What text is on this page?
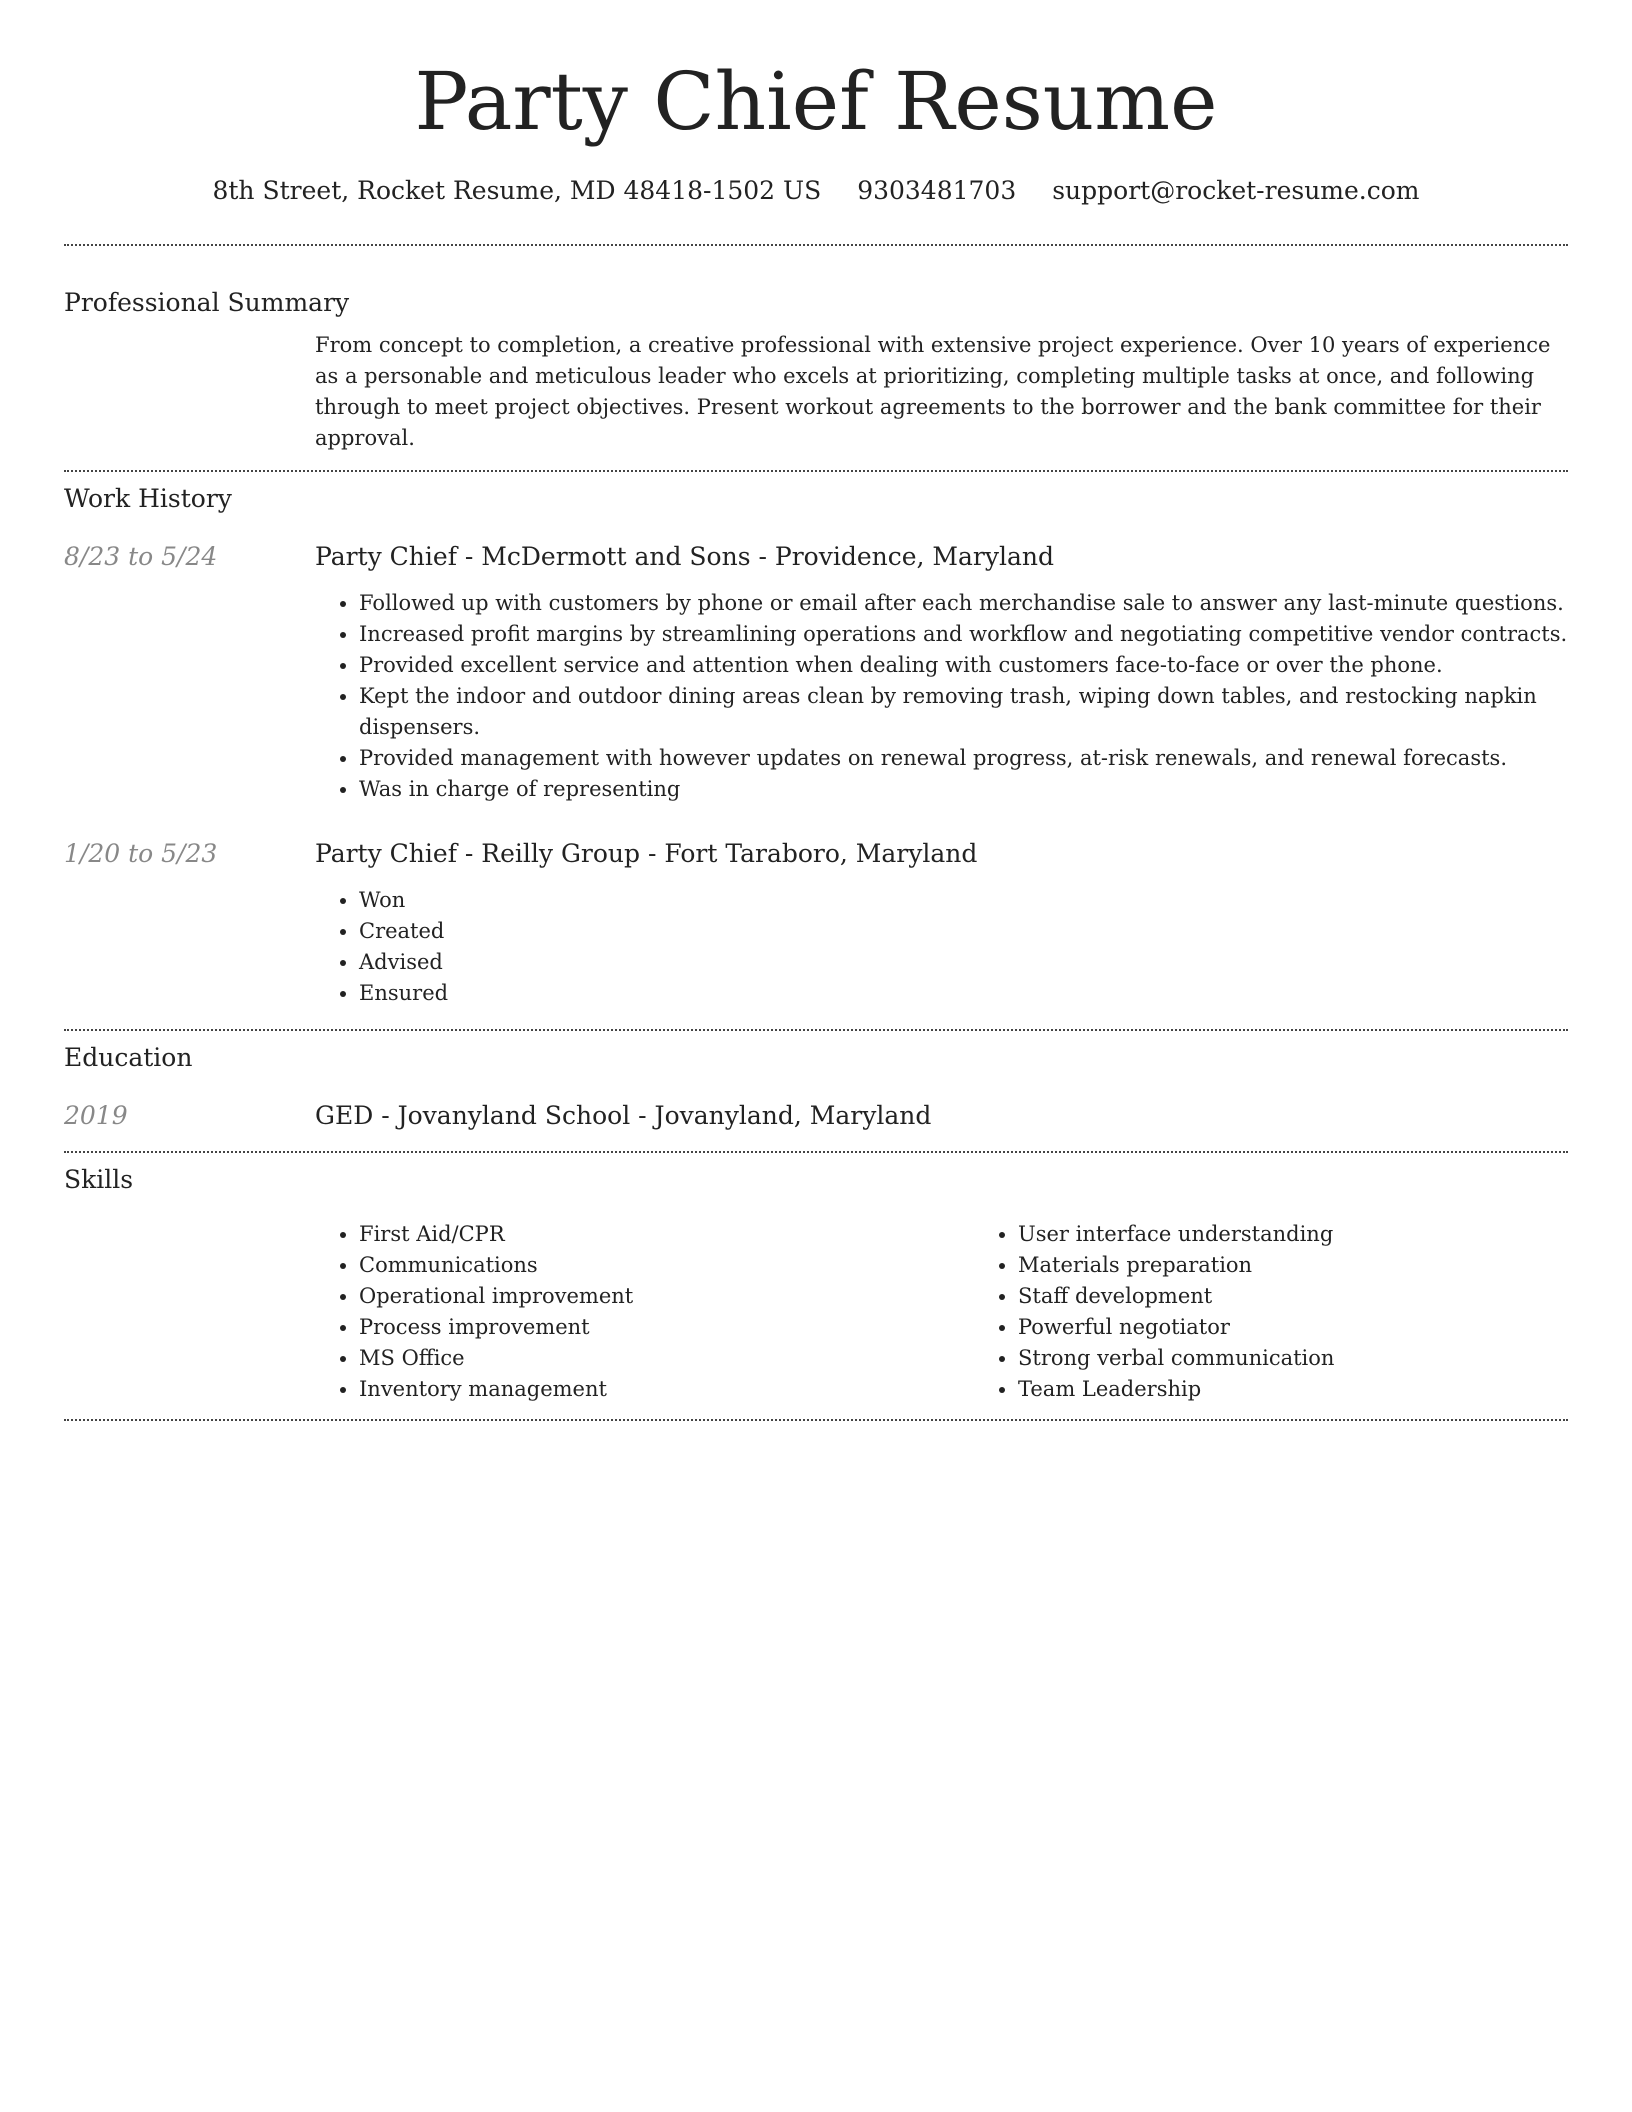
Party Chief Resume
8th Street, Rocket Resume, MD 48418-1502 US 9303481703 support@rocket-resume.com
Professional Summary
From concept to completion, a creative professional with extensive project experience. Over 10 years of experience as a personable and meticulous leader who excels at prioritizing, completing multiple tasks at once, and following through to meet project objectives. Present workout agreements to the borrower and the bank committee for their approval.
Work History
8/23 to 5/24	Party Chief - McDermott and Sons - Providence, Maryland
• Followed up with customers by phone or email after each merchandise sale to answer any last-minute questions.
• Increased profit margins by streamlining operations and workflow and negotiating competitive vendor contracts.
• Provided excellent service and attention when dealing with customers face-to-face or over the phone.
• Kept the indoor and outdoor dining areas clean by removing trash, wiping down tables, and restocking napkin dispensers.
• Provided management with however updates on renewal progress, at-risk renewals, and renewal forecasts.
• Was in charge of representing
1/20 to 5/23	Party Chief - Reilly Group - Fort Taraboro, Maryland
• Won
• Created
• Advised
• Ensured
Education
2019	GED - Jovanyland School - Jovanyland, Maryland
Skills
• First Aid/CPR
• Communications
• Operational improvement
• Process improvement
• MS Office
• Inventory management
• User interface understanding
• Materials preparation
• Staff development
• Powerful negotiator
• Strong verbal communication
• Team Leadership
